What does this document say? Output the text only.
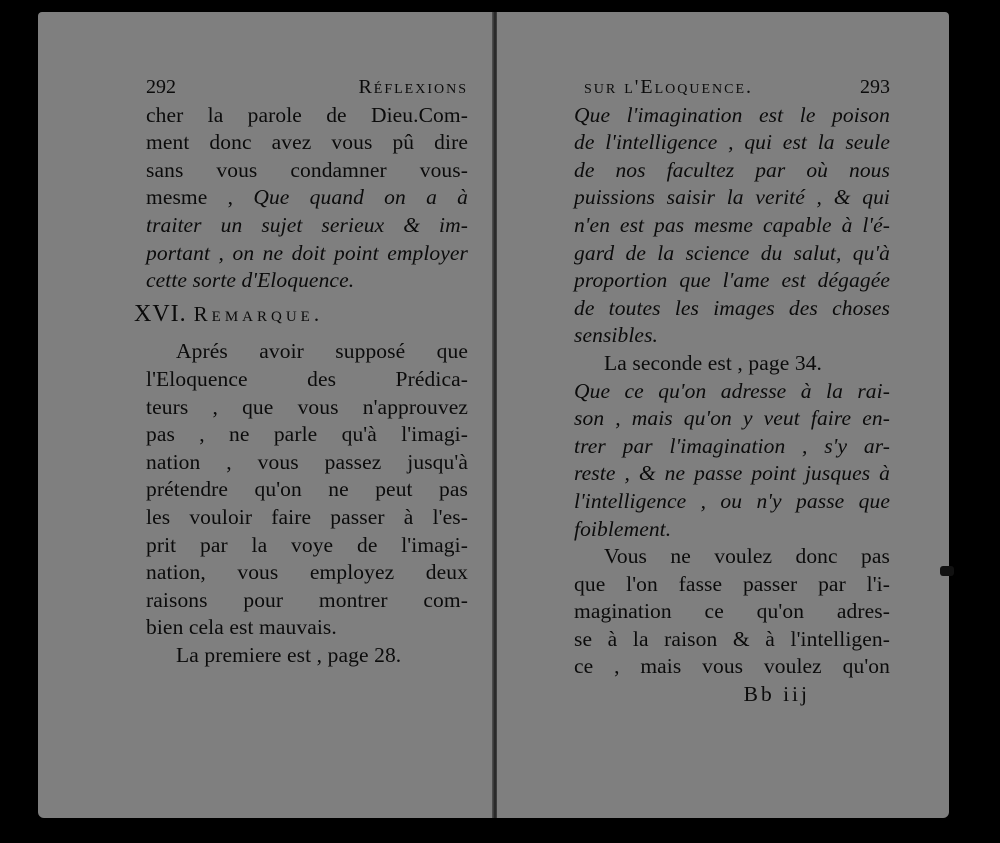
292	Réflexions
cher la parole de Dieu.Com-
ment donc avez vous pû dire
sans vous condamner vous-
mesme , Que quand on a à
traiter un sujet serieux & im-
portant , on ne doit point employer
cette sorte d'Eloquence.
XVI. Remarque.
Aprés avoir supposé que
l'Eloquence des Prédica-
teurs , que vous n'approuvez
pas , ne parle qu'à l'imagi-
nation , vous passez jusqu'à
prétendre qu'on ne peut pas
les vouloir faire passer à l'es-
prit par la voye de l'imagi-
nation, vous employez deux
raisons pour montrer com-
bien cela est mauvais.
La premiere est , page 28.
sur l'Eloquence.	293
Que l'imagination est le poison
de l'intelligence , qui est la seule
de nos facultez par où nous
puissions saisir la verité , & qui
n'en est pas mesme capable à l'é-
gard de la science du salut, qu'à
proportion que l'ame est dégagée
de toutes les images des choses
sensibles.
La seconde est , page 34.
Que ce qu'on adresse à la rai-
son , mais qu'on y veut faire en-
trer par l'imagination , s'y ar-
reste , & ne passe point jusques à
l'intelligence , ou n'y passe que
foiblement.
Vous ne voulez donc pas
que l'on fasse passer par l'i-
magination ce qu'on adres-
se à la raison & à l'intelligen-
ce , mais vous voulez qu'on
Bb iij
